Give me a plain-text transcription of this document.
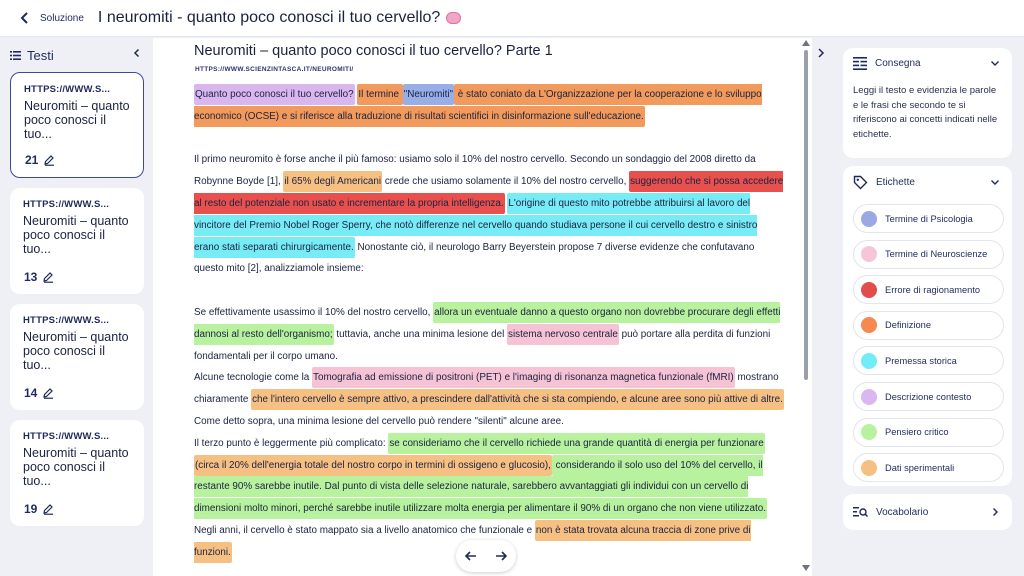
Soluzione I neuromiti - quanto poco conosci il tuo cervello?
Testi
HTTPS://WWW.S...
Neuromiti – quanto poco conosci il tuo...
21
HTTPS://WWW.S...
Neuromiti – quanto poco conosci il tuo...
13
HTTPS://WWW.S...
Neuromiti – quanto poco conosci il tuo...
14
HTTPS://WWW.S...
Neuromiti – quanto poco conosci il tuo...
19
Neuromiti – quanto poco conosci il tuo cervello? Parte 1
HTTPS://WWW.SCIENZINTASCA.IT/NEUROMITI/

Quanto poco conosci il tuo cervello? Il termine "Neuromiti" è stato coniato da L'Organizzazione per la cooperazione e lo sviluppo economico (OCSE) e si riferisce alla traduzione di risultati scientifici in disinformazione sull'educazione.

Il primo neuromito è forse anche il più famoso: usiamo solo il 10% del nostro cervello. Secondo un sondaggio del 2008 diretto da Robynne Boyde [1], il 65% degli Americani crede che usiamo solamente il 10% del nostro cervello, suggerendo che si possa accedere al resto del potenziale non usato e incrementare la propria intelligenza. L'origine di questo mito potrebbe attribuirsi al lavoro del vincitore del Premio Nobel Roger Sperry, che notò differenze nel cervello quando studiava persone il cui cervello destro e sinistro erano stati separati chirurgicamente. Nonostante ciò, il neurologo Barry Beyerstein propose 7 diverse evidenze che confutavano questo mito [2], analizziamole insieme:

Se effettivamente usassimo il 10% del nostro cervello, allora un eventuale danno a questo organo non dovrebbe procurare degli effetti dannosi al resto dell'organismo; tuttavia, anche una minima lesione del sistema nervoso centrale può portare alla perdita di funzioni fondamentali per il corpo umano.

Alcune tecnologie come la Tomografia ad emissione di positroni (PET) e l'imaging di risonanza magnetica funzionale (fMRI) mostrano chiaramente che l'intero cervello è sempre attivo, a prescindere dall'attività che si sta compiendo, e alcune aree sono più attive di altre. Come detto sopra, una minima lesione del cervello può rendere "silenti" alcune aree.

Il terzo punto è leggermente più complicato: se consideriamo che il cervello richiede una grande quantità di energia per funzionare (circa il 20% dell'energia totale del nostro corpo in termini di ossigeno e glucosio), considerando il solo uso del 10% del cervello, il restante 90% sarebbe inutile. Dal punto di vista delle selezione naturale, sarebbero avvantaggiati gli individui con un cervello di dimensioni molto minori, perché sarebbe inutile utilizzare molta energia per alimentare il 90% di un organo che non viene utilizzato.

Negli anni, il cervello è stato mappato sia a livello anatomico che funzionale e non è stata trovata alcuna traccia di zone prive di funzioni.

Consegna
Leggi il testo e evidenzia le parole e le frasi che secondo te si riferiscono ai concetti indicati nelle etichette.
Etichette
Termine di Psicologia
Termine di Neuroscienze
Errore di ragionamento
Definizione
Premessa storica
Descrizione contesto
Pensiero critico
Dati sperimentali
Vocabolario
